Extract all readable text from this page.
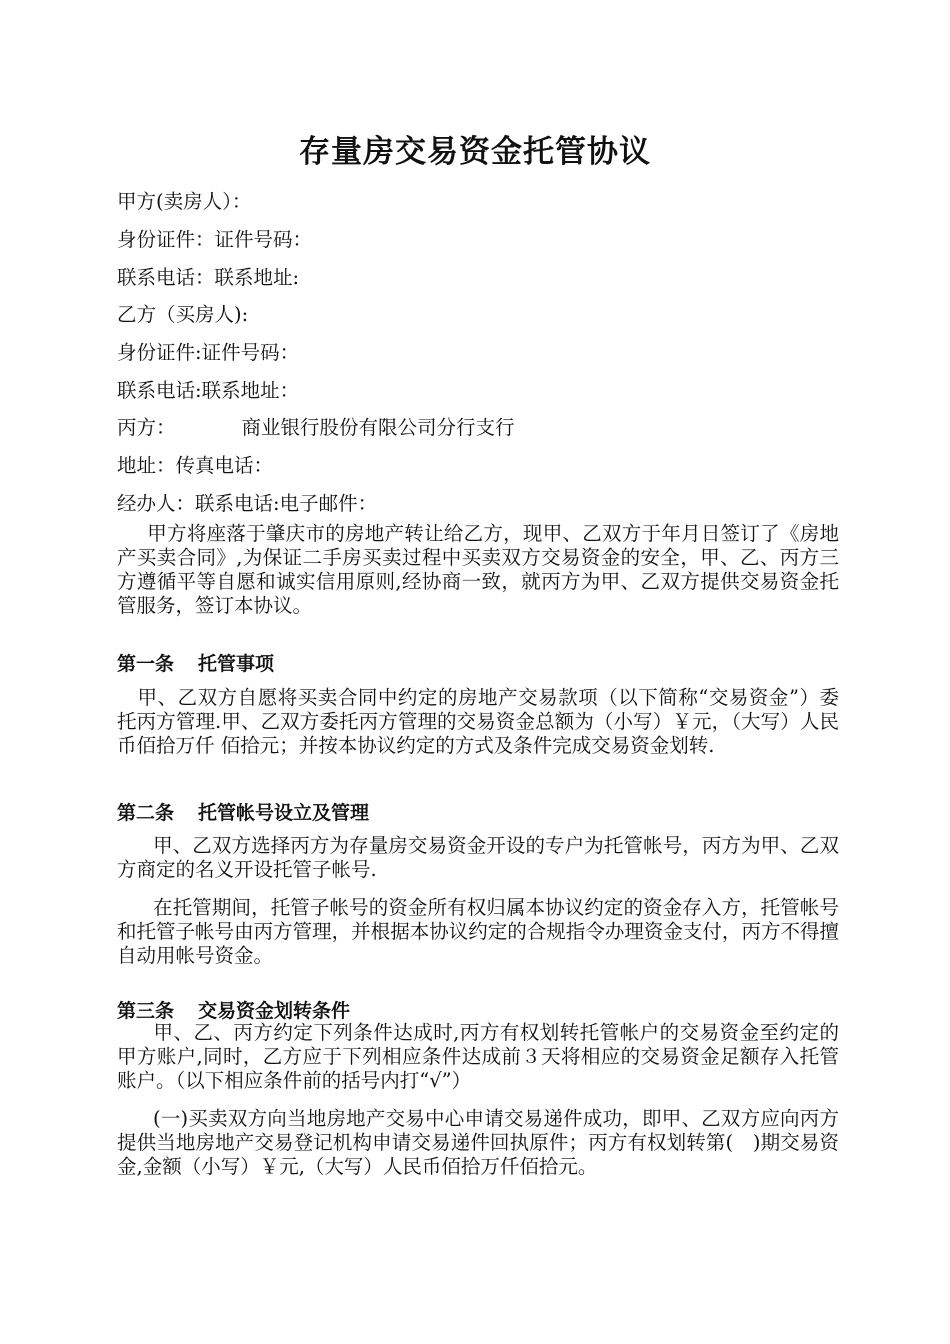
存量房交易资金托管协议
甲方(卖房人）：
身份证件：证件号码：
联系电话：联系地址:
乙方（买房人):
身份证件:证件号码：
联系电话:联系地址：
丙方：	商业银行股份有限公司分行支行
地址：传真电话：
经办人：联系电话:电子邮件：
甲方将座落于肇庆市的房地产转让给乙方，现甲、乙双方于年月日签订了《房地产买卖合同》,为保证二手房买卖过程中买卖双方交易资金的安全，甲、乙、丙方三方遵循平等自愿和诚实信用原则,经协商一致，就丙方为甲、乙双方提供交易资金托管服务，签订本协议。
第一条 托管事项
甲、乙双方自愿将买卖合同中约定的房地产交易款项（以下简称“交易资金”）委托丙方管理.甲、乙双方委托丙方管理的交易资金总额为（小写）￥元，（大写）人民币佰拾万仟 佰拾元；并按本协议约定的方式及条件完成交易资金划转.
第二条 托管帐号设立及管理
甲、乙双方选择丙方为存量房交易资金开设的专户为托管帐号，丙方为甲、乙双方商定的名义开设托管子帐号.
在托管期间，托管子帐号的资金所有权归属本协议约定的资金存入方，托管帐号和托管子帐号由丙方管理，并根据本协议约定的合规指令办理资金支付，丙方不得擅自动用帐号资金。
第三条 交易资金划转条件
甲、乙、丙方约定下列条件达成时,丙方有权划转托管帐户的交易资金至约定的甲方账户,同时，乙方应于下列相应条件达成前３天将相应的交易资金足额存入托管账户。（以下相应条件前的括号内打“√”）
(一)买卖双方向当地房地产交易中心申请交易递件成功，即甲、乙双方应向丙方提供当地房地产交易登记机构申请交易递件回执原件；丙方有权划转第(　)期交易资金,金额（小写）￥元,（大写）人民币佰拾万仟佰拾元。
